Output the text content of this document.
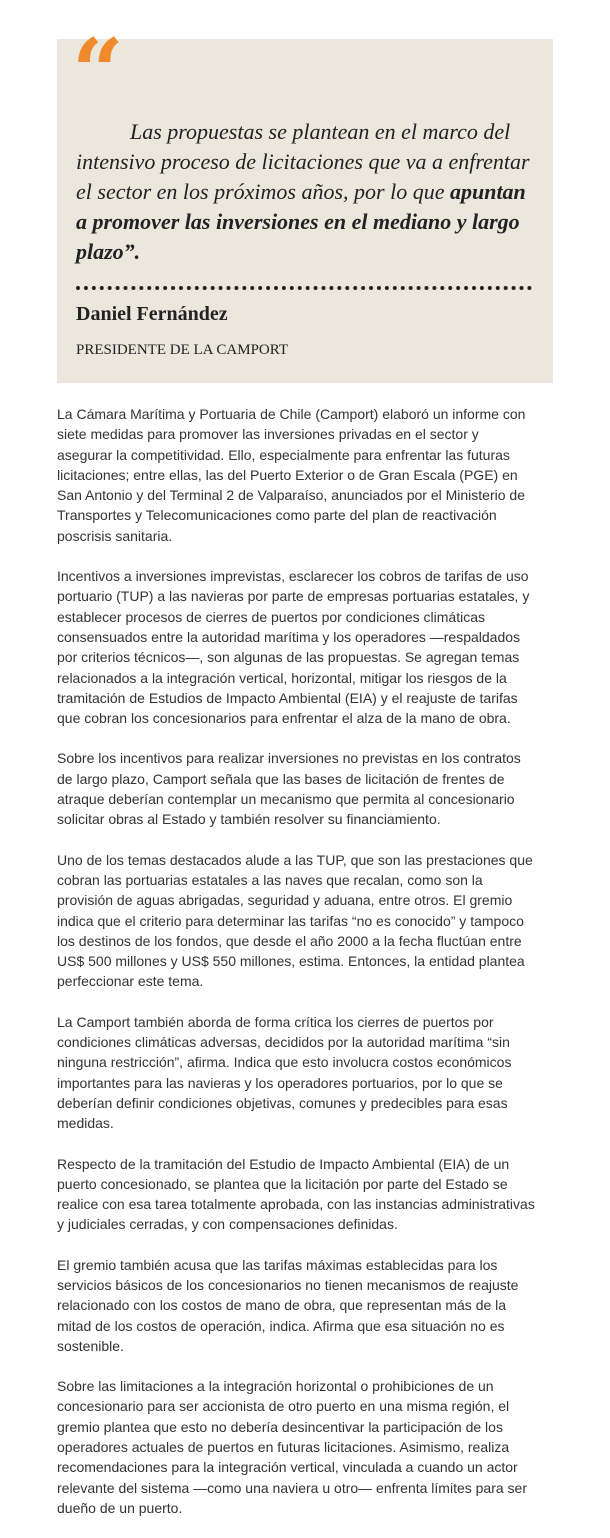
“

Las propuestas se plantean en el marco del intensivo proceso de licitaciones que va a enfrentar el sector en los próximos años, por lo que apuntan a promover las inversiones en el mediano y largo plazo”.

Daniel Fernández

PRESIDENTE DE LA CAMPORT

La Cámara Marítima y Portuaria de Chile (Camport) elaboró un informe con siete medidas para promover las inversiones privadas en el sector y asegurar la competitividad. Ello, especialmente para enfrentar las futuras licitaciones; entre ellas, las del Puerto Exterior o de Gran Escala (PGE) en San Antonio y del Terminal 2 de Valparaíso, anunciados por el Ministerio de Transportes y Telecomunicaciones como parte del plan de reactivación poscrisis sanitaria.

Incentivos a inversiones imprevistas, esclarecer los cobros de tarifas de uso portuario (TUP) a las navieras por parte de empresas portuarias estatales, y establecer procesos de cierres de puertos por condiciones climáticas consensuados entre la autoridad marítima y los operadores —respaldados por criterios técnicos—, son algunas de las propuestas. Se agregan temas relacionados a la integración vertical, horizontal, mitigar los riesgos de la tramitación de Estudios de Impacto Ambiental (EIA) y el reajuste de tarifas que cobran los concesionarios para enfrentar el alza de la mano de obra.

Sobre los incentivos para realizar inversiones no previstas en los contratos de largo plazo, Camport señala que las bases de licitación de frentes de atraque deberían contemplar un mecanismo que permita al concesionario solicitar obras al Estado y también resolver su financiamiento.

Uno de los temas destacados alude a las TUP, que son las prestaciones que cobran las portuarias estatales a las naves que recalan, como son la provisión de aguas abrigadas, seguridad y aduana, entre otros. El gremio indica que el criterio para determinar las tarifas “no es conocido” y tampoco los destinos de los fondos, que desde el año 2000 a la fecha fluctúan entre US$ 500 millones y US$ 550 millones, estima. Entonces, la entidad plantea perfeccionar este tema.

La Camport también aborda de forma crítica los cierres de puertos por condiciones climáticas adversas, decididos por la autoridad marítima “sin ninguna restricción”, afirma. Indica que esto involucra costos económicos importantes para las navieras y los operadores portuarios, por lo que se deberían definir condiciones objetivas, comunes y predecibles para esas medidas.

Respecto de la tramitación del Estudio de Impacto Ambiental (EIA) de un puerto concesionado, se plantea que la licitación por parte del Estado se realice con esa tarea totalmente aprobada, con las instancias administrativas y judiciales cerradas, y con compensaciones definidas.

El gremio también acusa que las tarifas máximas establecidas para los servicios básicos de los concesionarios no tienen mecanismos de reajuste relacionado con los costos de mano de obra, que representan más de la mitad de los costos de operación, indica. Afirma que esa situación no es sostenible.

Sobre las limitaciones a la integración horizontal o prohibiciones de un concesionario para ser accionista de otro puerto en una misma región, el gremio plantea que esto no debería desincentivar la participación de los operadores actuales de puertos en futuras licitaciones. Asimismo, realiza recomendaciones para la integración vertical, vinculada a cuando un actor relevante del sistema —como una naviera u otro— enfrenta límites para ser dueño de un puerto.
